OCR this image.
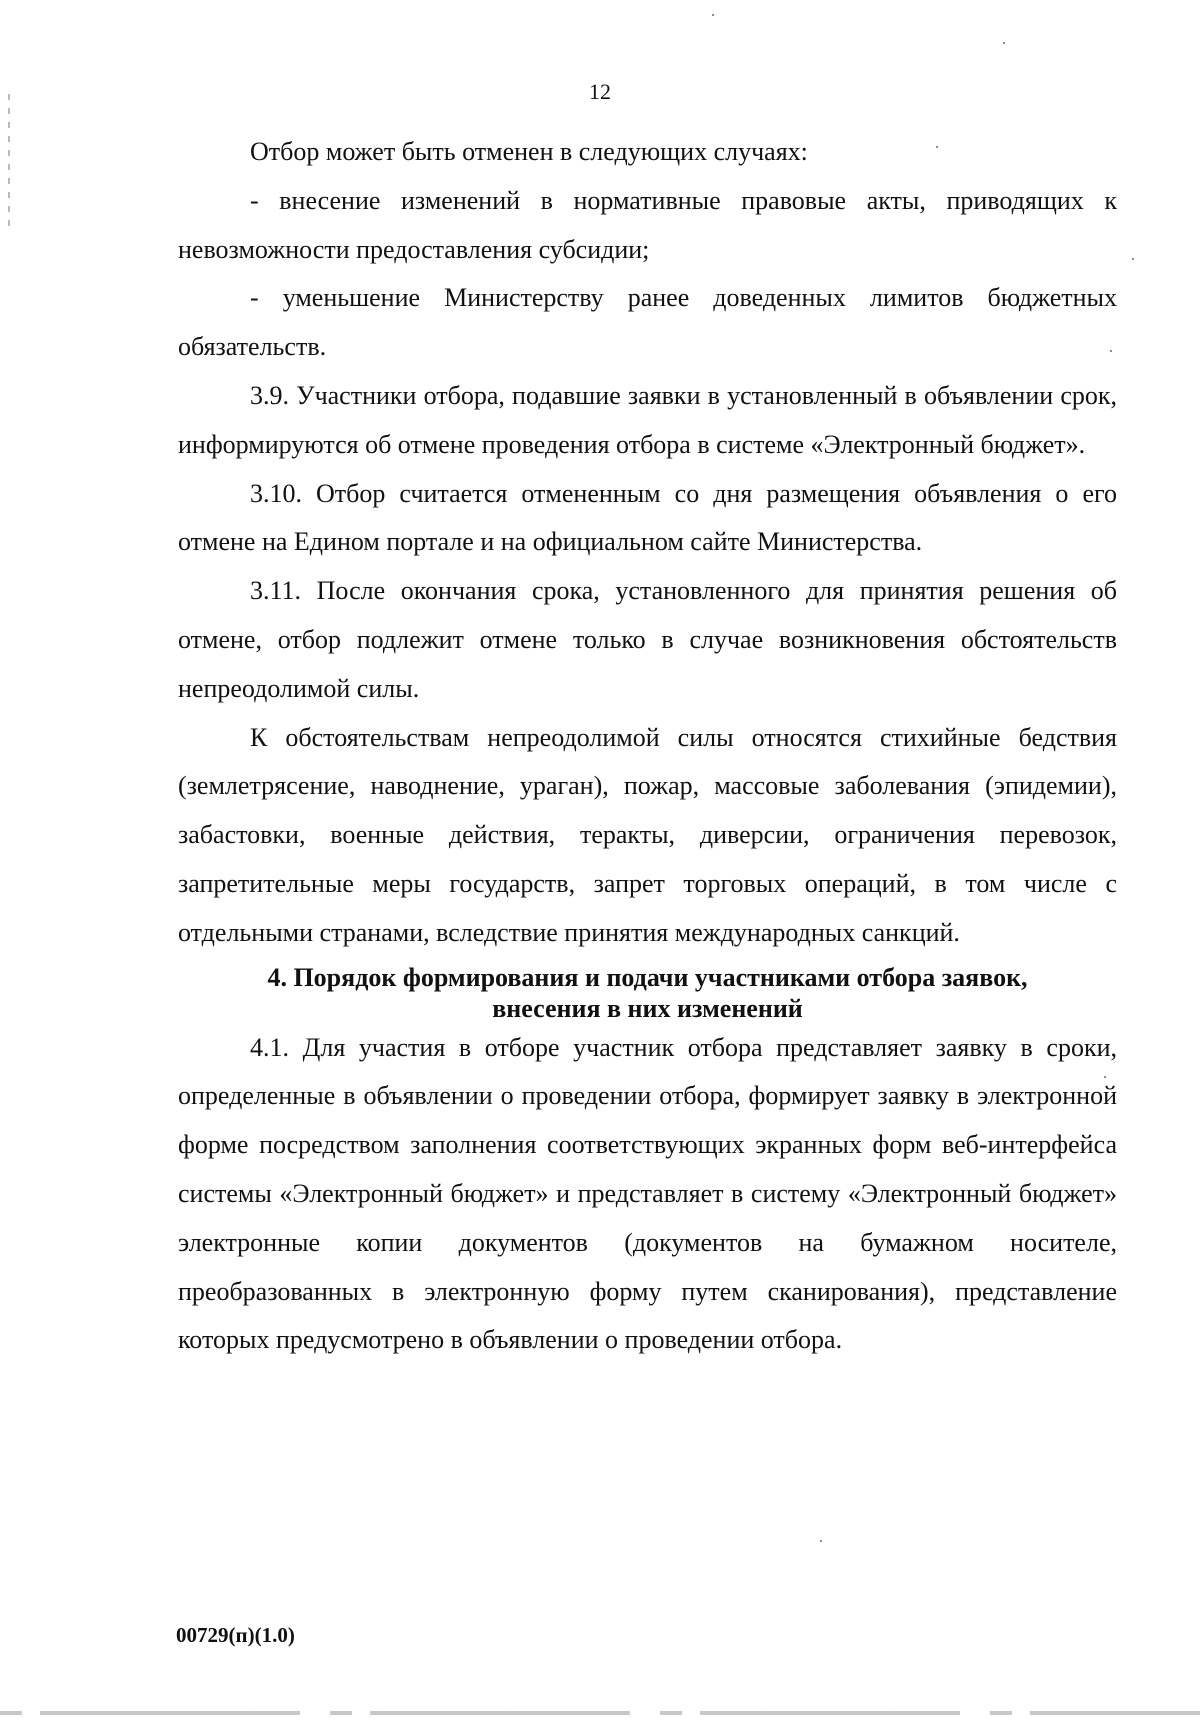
12

Отбор может быть отменен в следующих случаях:

- внесение изменений в нормативные правовые акты, приводящих к невозможности предоставления субсидии;

- уменьшение Министерству ранее доведенных лимитов бюджетных обязательств.

3.9. Участники отбора, подавшие заявки в установленный в объявлении срок, информируются об отмене проведения отбора в системе «Электронный бюджет».

3.10. Отбор считается отмененным со дня размещения объявления о его отмене на Едином портале и на официальном сайте Министерства.

3.11. После окончания срока, установленного для принятия решения об отмене, отбор подлежит отмене только в случае возникновения обстоятельств непреодолимой силы.

К обстоятельствам непреодолимой силы относятся стихийные бедствия (землетрясение, наводнение, ураган), пожар, массовые заболевания (эпидемии), забастовки, военные действия, теракты, диверсии, ограничения перевозок, запретительные меры государств, запрет торговых операций, в том числе с отдельными странами, вследствие принятия международных санкций.

4. Порядок формирования и подачи участниками отбора заявок,
внесения в них изменений

4.1. Для участия в отборе участник отбора представляет заявку в сроки, определенные в объявлении о проведении отбора, формирует заявку в электронной форме посредством заполнения соответствующих экранных форм веб-интерфейса системы «Электронный бюджет» и представляет в систему «Электронный бюджет» электронные копии документов (документов на бумажном носителе, преобразованных в электронную форму путем сканирования), представление которых предусмотрено в объявлении о проведении отбора.

00729(п)(1.0)
